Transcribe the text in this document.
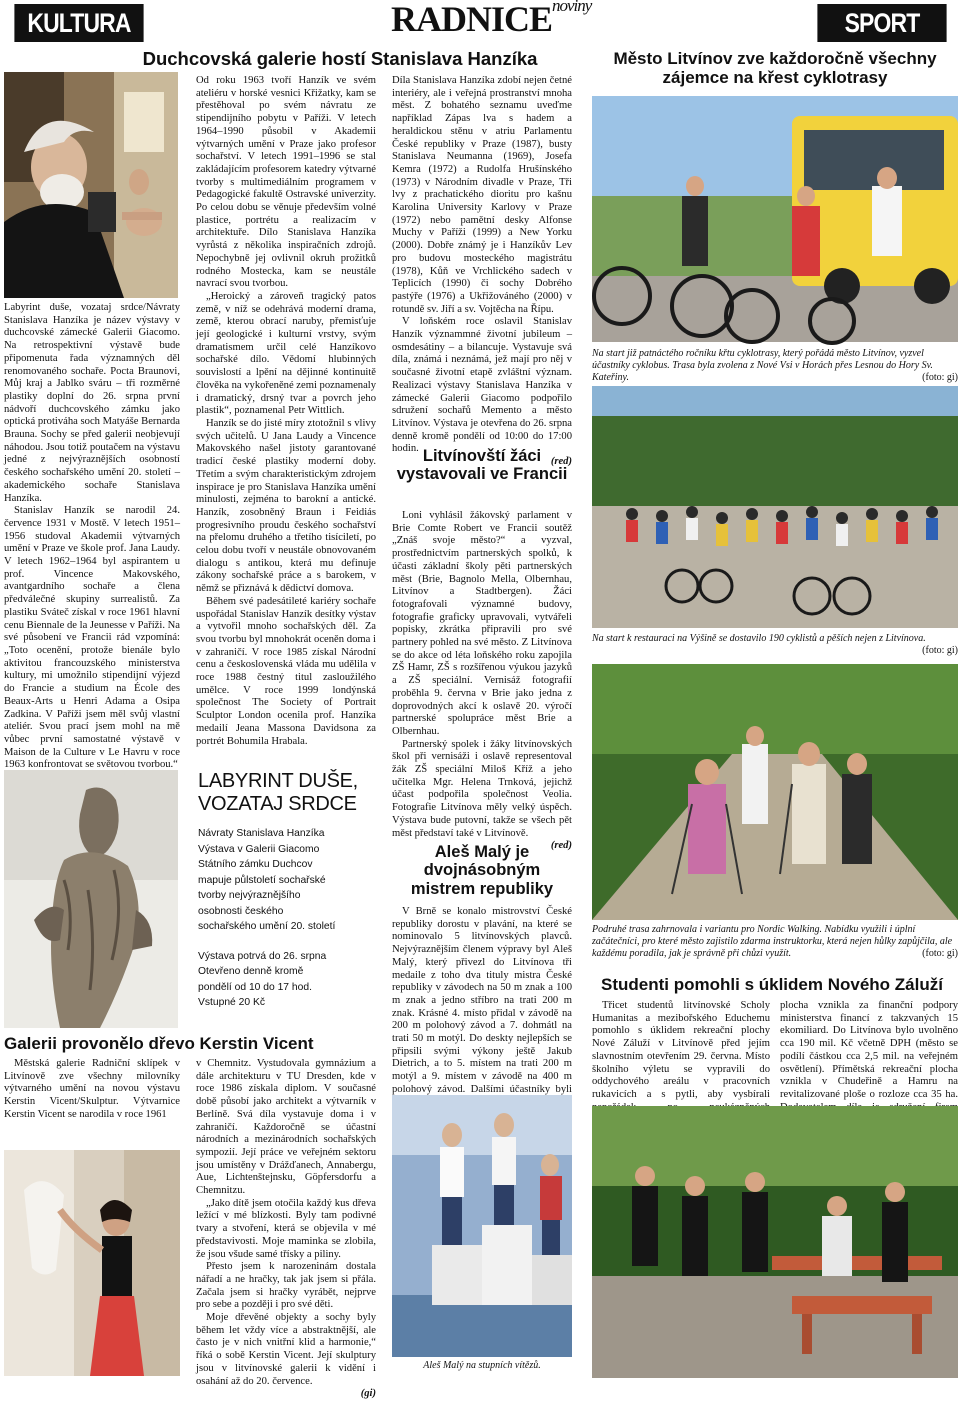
KULTURA	$RADNICE^{noviny}$
SPORT
Duchcovská galerie hostí Stanislava Hanzíka

Labyrint duše, vozataj srdce/Návraty Stanislava Hanzíka je název výstavy v duchcovské zámecké Galerii Giacomo. Na retrospektivní výstavě bude připomenuta řada významných děl renomovaného sochaře. Pocta Braunovi, Můj kraj a Jablko sváru – tři rozměrné plastiky doplní do 26. srpna první nádvoří duchcovského zámku jako optická protiváha soch Matyáše Bernarda Brauna. Sochy se před galerii neobjevují náhodou. Jsou totiž poutačem na výstavu jedné z nejvýraznějších osobností českého sochařského umění 20. století – akademického sochaře Stanislava Hanzíka.

Stanislav Hanzík se narodil 24. července 1931 v Mostě. V letech 1951–1956 studoval Akademii výtvarných umění v Praze ve škole prof. Jana Laudy. V letech 1962–1964 byl aspirantem u prof. Vincence Makovského, avantgardního sochaře a člena předválečné skupiny surrealistů. Za plastiku Sváteč získal v roce 1961 hlavní cenu Biennale de la Jeunesse v Paříži. Na své působení ve Francii rád vzpomíná: „Toto ocenění, protože bienále bylo aktivitou francouzského ministerstva kultury, mi umožnilo stipendijní výjezd do Francie a studium na École des Beaux-Arts u Henri Adama a Osipa Zadkina. V Paříži jsem měl svůj vlastní ateliér. Svou prací jsem mohl na mě vůbec první samostatné výstavě v Maison de la Culture v Le Havru v roce 1963 konfrontovat se světovou tvorbou.“

Od roku 1963 tvoří Hanzík ve svém ateliéru v horské vesnici Křižatky, kam se přestěhoval po svém návratu ze stipendijního pobytu v Paříži. V letech 1964–1990 působil v Akademii výtvarných umění v Praze jako profesor sochařství. V letech 1991–1996 se stal zakládajícím profesorem katedry výtvarné tvorby s multimediálním programem v Pedagogické fakultě Ostravské univerzity. Po celou dobu se věnuje především volné plastice, portrétu a realizacím v architektuře. Dílo Stanislava Hanzíka vyrůstá z několika inspiračních zdrojů. Nepochybně jej ovlivnil okruh prožitků rodného Mostecka, kam se neustále navrací svou tvorbou.

„Heroický a zároveň tragický patos země, v níž se odehrává moderní drama, země, kterou obrací naruby, přemisťuje její geologické i kulturní vrstvy, svým dramatismem určil celé Hanzíkovo sochařské dílo. Vědomí hlubinných souvislostí a lpění na dějinné kontinuitě člověka na vykořeněné zemi poznamenaly i dramatický, drsný tvar a povrch jeho plastik“, poznamenal Petr Wittlich.

Hanzík se do jisté míry ztotožnil s vlivy svých učitelů. U Jana Laudy a Vincence Makovského našel jistoty garantované tradicí české plastiky moderní doby. Třetím a svým charakteristickým zdrojem inspirace je pro Stanislava Hanzíka umění minulosti, zejména to barokní a antické. Hanzík, zosobněný Braun i Feidiás progresivního proudu českého sochařství na přelomu druhého a třetího tisíciletí, po celou dobu tvoří v neustále obnovovaném dialogu s antikou, která mu definuje zákony sochařské práce a s barokem, v němž se přiznává k dědictví domova.

Během své padesátileté kariéry sochaře uspořádal Stanislav Hanzík desítky výstav a vytvořil mnoho sochařských děl. Za svou tvorbu byl mnohokrát oceněn doma i v zahraničí. V roce 1985 získal Národní cenu a československá vláda mu udělila v roce 1988 čestný titul zasloužilého umělce. V roce 1999 londýnská společnost The Society of Portrait Sculptor London ocenila prof. Hanzíka medailí Jeana Massona Davidsona za portrét Bohumila Hrabala.

LABYRINT DUŠE, VOZATAJ SRDCE
Návraty Stanislava Hanzíka Výstava v Galerii Giacomo Státního zámku Duchcov mapuje půlstoletí sochařské tvorby nejvýraznějšího osobnosti českého sochařského umění 20. století
Výstava potrvá do 26. srpna Otevřeno denně kromě pondělí od 10 do 17 hod. Vstupné 20 Kč

Díla Stanislava Hanzíka zdobí nejen četné interiéry, ale i veřejná prostranství mnoha měst. Z bohatého seznamu uveďme například Zápas lva s hadem a heraldickou stěnu v atriu Parlamentu České republiky v Praze (1987), busty Stanislava Neumanna (1969), Josefa Kemra (1972) a Rudolfa Hrušínského (1973) v Národním divadle v Praze, Tři lvy z prachatického dioritu pro kašnu Karolina University Karlovy v Praze (1972) nebo pamětní desky Alfonse Muchy v Paříži (1999) a New Yorku (2000). Dobře známý je i Hanzíkův Lev pro budovu mosteckého magistrátu (1978), Kůň ve Vrchlického sadech v Teplicích (1990) či sochy Dobrého pastýře (1976) a Ukřižováného (2000) v rotundě sv. Jiří a sv. Vojtěcha na Řípu.

V loňském roce oslavil Stanislav Hanzík význammné životní jubileum – osmdesátiny – a bilancuje. Vystavuje svá díla, známá i neznámá, jež mají pro něj v současné životní etapě zvláštní význam. Realizaci výstavy Stanislava Hanzíka v zámecké Galerii Giacomo podpořilo sdružení sochařů Memento a město Litvínov. Výstava je otevřena do 26. srpna denně kromě pondělí od 10:00 do 17:00 hodin.

(red)
Litvínovští žáci vystavovali ve Francii

Loni vyhlásil žákovský parlament v Brie Comte Robert ve Francii soutěž „Znáš svoje město?“ a vyzval, prostřednictvím partnerských spolků, k účasti základní školy pěti partnerských měst (Brie, Bagnolo Mella, Olbernhau, Litvínov a Stadtbergen). Žáci fotografovali významné budovy, fotografie graficky upravovali, vytvářeli popisky, zkrátka připravili pro své partnery pohled na své město. Z Litvínova se do akce od léta loňského roku zapojila ZŠ Hamr, ZŠ s rozšířenou výukou jazyků a ZŠ speciální. Vernisáž fotografií proběhla 9. června v Brie jako jedna z doprovodných akcí k oslavě 20. výročí partnerské spolupráce měst Brie a Olbernhau.

Partnerský spolek i žáky litvínovských škol při vernisáži i oslavě representoval žák ZŠ speciální Miloš Kříž a jeho učitelka Mgr. Helena Trnková, jejichž účast podpořila společnost Veolia. Fotografie Litvínova měly velký úspěch. Výstava bude putovní, takže se všech pět měst představí také v Litvínově.

(red)
Aleš Malý je dvojnásobným mistrem republiky

V Brně se konalo mistrovství České republiky dorostu v plavání, na které se nominovalo 5 litvínovských plavců. Nejvýraznějším členem výpravy byl Aleš Malý, který přivezl do Litvínova tři medaile z toho dva tituly mistra České republiky v závodech na 50 m znak a 100 m znak a jedno stříbro na trati 200 m znak. Krásné 4. místo přidal v závodě na 200 m polohový závod a 7. dohmátl na trati 50 m motýl. Do deskty nejlepších se připsili svými výkony ještě Jakub Dietrich, a to 5. místem na trati 200 m motýl a 9. místem v závodě na 400 m polohový závod. Dalšími účastníky byli

Aleš Malý na stupních vítězů.
Galerii provonělo dřevo Kerstin Vicent

Městská galerie Radniční sklípek v Litvínově zve všechny milovníky výtvarného umění na novou výstavu Kerstin Vicent/Skulptur. Výtvarnice Kerstin Vicent se narodila v roce 1961

v Chemnitz. Vystudovala gymnázium a dále architekturu v TU Dresden, kde v roce 1986 získala diplom. V současné době působí jako architekt a výtvarník v Berlíně. Svá díla vystavuje doma i v zahraničí. Každoročně se účastní národních a mezinárodních sochařských sympozií. Její práce ve veřejném sektoru jsou umístěny v Drážďanech, Annabergu, Aue, Lichtenštejnsku, Göpfersdorfu a Chemnitzu.

„Jako dítě jsem otočila každý kus dřeva ležící v mé blízkosti. Byly tam podivné tvary a stvoření, která se objevila v mé představivosti. Moje maminka se zlobila, že jsou všude samé třísky a piliny.

Přesto jsem k narozeninám dostala nářadí a ne hračky, tak jak jsem si přála. Začala jsem si hračky vyrábět, nejprve pro sebe a později i pro své děti.

Moje dřevěné objekty a sochy byly během let vždy více a abstraktnější, ale často je v nich vnitřní klid a harmonie,“ říká o sobě Kerstin Vicent. Její skulptury jsou v litvínovské galerii k vidění i osahání až do 20. července.

(gi)
Město Litvínov zve každoročně všechny zájemce na křest cyklotrasy
Na start již patnáctého ročníku křtu cyklotrasy, který pořádá město Litvínov, vyzvel účastníky cyklobus. Trasa byla zvolena z Nové Vsi v Horách přes Lesnou do Hory Sv. Kateřiny.	(foto: gi)
Na start k restauraci na Výšině se dostavilo 190 cyklistů a pěších nejen z Litvínova.
(foto: gi)
Podruhé trasa zahrnovala i variantu pro Nordic Walking. Nabídku využili i úplní začátečníci, pro které město zajistilo zdarma instruktorku, která nejen hůlky zapůjčila, ale každému poradila, jak je správně při chůzi využít.	(foto: gi)
Studenti pomohli s úklidem Nového Záluží

Třicet studentů litvínovské Scholy Humanitas a mezibořského Educhemu pomohlo s úklidem rekreační plochy Nové Záluží v Litvínově před jejím slavnostním otevřením 29. června. Místo školního výletu se vypravili do oddychového areálu v pracovních rukavicích a s pytli, aby vysbírali

plocha vznikla za finanční podpory ministerstva financí z takzvaných 15 ekomiliard. Do Litvínova bylo uvolněno cca 190 mil. Kč včetně DPH (město se podílí částkou cca 2,5 mil. na veřejném osvětlení). Přímětská rekreační plocha vznikla v Chudeřině a Hamru na revitalizované ploše o rozloze cca 35 ha.
